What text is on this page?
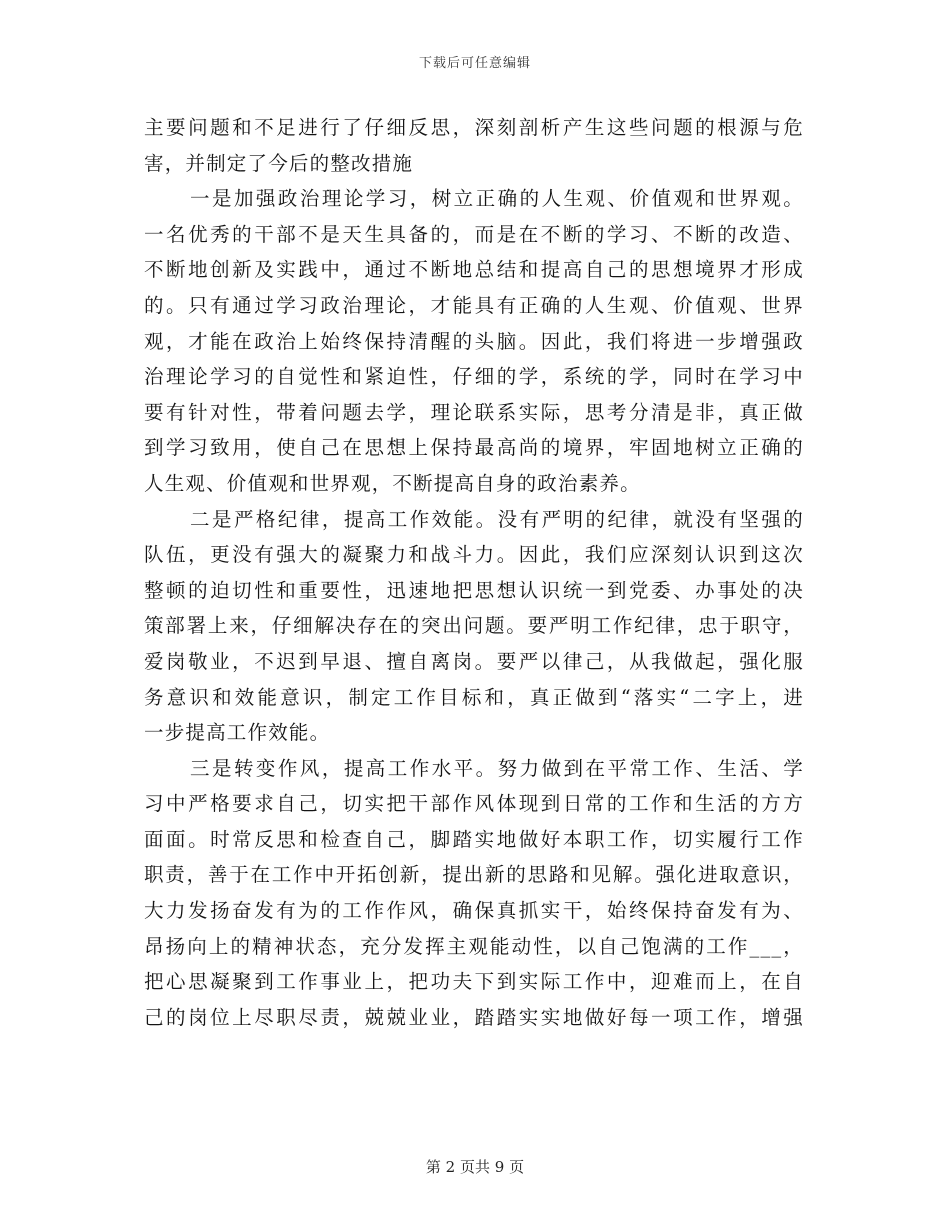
下载后可任意编辑
主要问题和不足进行了仔细反思，深刻剖析产生这些问题的根源与危
害，并制定了今后的整改措施
一是加强政治理论学习，树立正确的人生观、价值观和世界观。
一名优秀的干部不是天生具备的，而是在不断的学习、不断的改造、
不断地创新及实践中，通过不断地总结和提高自己的思想境界才形成
的。只有通过学习政治理论，才能具有正确的人生观、价值观、世界
观，才能在政治上始终保持清醒的头脑。因此，我们将进一步增强政
治理论学习的自觉性和紧迫性，仔细的学，系统的学，同时在学习中
要有针对性，带着问题去学，理论联系实际，思考分清是非，真正做
到学习致用，使自己在思想上保持最高尚的境界，牢固地树立正确的
人生观、价值观和世界观，不断提高自身的政治素养。
二是严格纪律，提高工作效能。没有严明的纪律，就没有坚强的
队伍，更没有强大的凝聚力和战斗力。因此，我们应深刻认识到这次
整顿的迫切性和重要性，迅速地把思想认识统一到党委、办事处的决
策部署上来，仔细解决存在的突出问题。要严明工作纪律，忠于职守，
爱岗敬业，不迟到早退、擅自离岗。要严以律己，从我做起，强化服
务意识和效能意识，制定工作目标和，真正做到“落实“二字上，进
一步提高工作效能。
三是转变作风，提高工作水平。努力做到在平常工作、生活、学
习中严格要求自己，切实把干部作风体现到日常的工作和生活的方方
面面。时常反思和检查自己，脚踏实地做好本职工作，切实履行工作
职责，善于在工作中开拓创新，提出新的思路和见解。强化进取意识，
大力发扬奋发有为的工作作风，确保真抓实干，始终保持奋发有为、
昂扬向上的精神状态，充分发挥主观能动性，以自己饱满的工作___，
把心思凝聚到工作事业上，把功夫下到实际工作中，迎难而上，在自
己的岗位上尽职尽责，兢兢业业，踏踏实实地做好每一项工作，增强
第 2 页共 9 页
